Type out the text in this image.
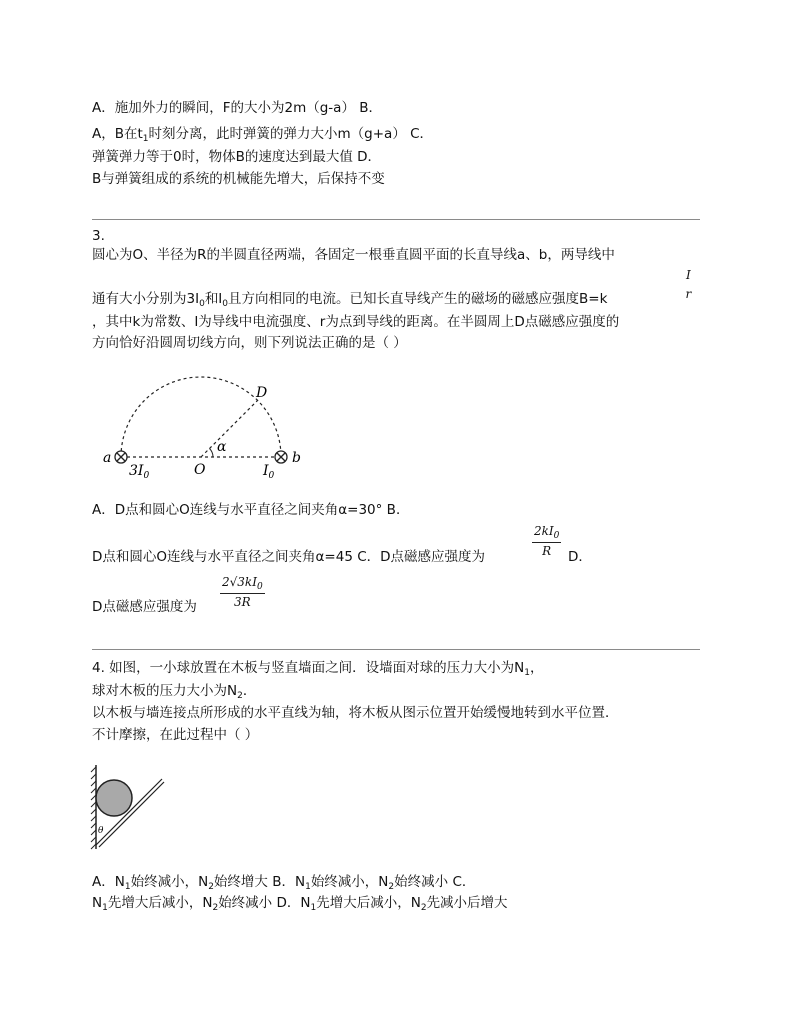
A．施加外力的瞬间，F的大小为2m（g-a） B．
A，B在$t_1$时刻分离，此时弹簧的弹力大小m（g+a） C．
弹簧弹力等于0时，物体B的速度达到最大值 D．
B与弹簧组成的系统的机械能先增大，后保持不变
3.
圆心为O、半径为R的半圆直径两端，各固定一根垂直圆平面的长直导线a、b，两导线中
通有大小分别为$3I_0$和$I_0$且方向相同的电流。已知长直导线产生的磁场的磁感应强度B=k
I
r
，其中k为常数、I为导线中电流强度、r为点到导线的距离。在半圆周上D点磁感应强度的
方向恰好沿圆周切线方向，则下列说法正确的是（ ）
a	b
O
D
α
$3I_0$	$I_0$
A．D点和圆心O连线与水平直径之间夹角α=30° B．
D点和圆心O连线与水平直径之间夹角α=45 C．D点磁感应强度为
$2kI_0$
R	D．
D点磁感应强度为
$2√3kI_0$
3R
4. 如图，一小球放置在木板与竖直墙面之间．设墙面对球的压力大小为$N_1$，
球对木板的压力大小为$N_2$．
以木板与墙连接点所形成的水平直线为轴，将木板从图示位置开始缓慢地转到水平位置．
不计摩擦，在此过程中（ ）
θ
A．$N_1$始终减小，$N_2$始终增大 B．$N_1$始终减小，$N_2$始终减小 C．
$N_1$先增大后减小，$N_2$始终减小 D．$N_1$先增大后减小，$N_2$先减小后增大
